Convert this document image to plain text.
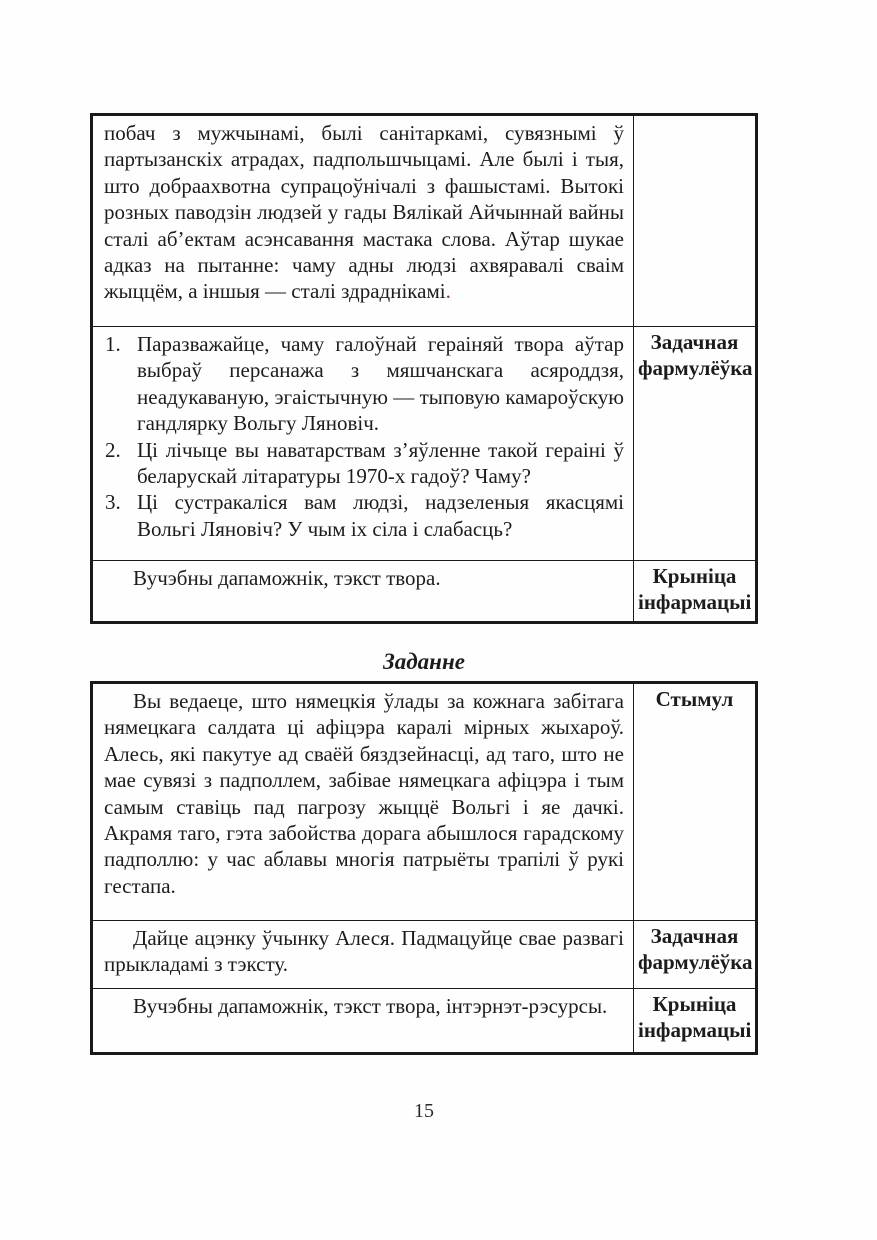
побач з мужчынамі, былі санітаркамі, сувязнымі ў партызанскіх атрадах, падпольшчыцамі. Але былі і тыя, што добраахвотна супрацоўнічалі з фашыстамі. Вытокі розных паводзін людзей у гады Вялікай Айчыннай вайны сталі аб’ектам асэнсавання мастака слова. Аўтар шукае адказ на пытанне: чаму адны людзі ахвяравалі сваім жыццём, а іншыя — сталі здраднікамі.	

Паразважайце, чаму галоўнай гераіняй твора аўтар выбраў персанажа з мяшчанскага асяроддзя, неадукаваную, эгаістычную — тыповую камароўскую гандлярку Вольгу Ляновіч.
Ці лічыце вы наватарствам з’яўленне такой гераіні ў беларускай літаратуры 1970-х гадоў? Чаму?
Ці сустракаліся вам людзі, надзеленыя якасцямі Вольгі Ляновіч? У чым іх сіла і слабасць?
	Задачная фармулёўка

Вучэбны дапаможнік, тэкст твора.	Крыніца інфармацыі
Заданне

Вы ведаеце, што нямецкія ўлады за кожнага забітага нямецкага салдата ці афіцэра каралі мірных жыхароў. Алесь, які пакутуе ад сваёй бяздзейнасці, ад таго, што не мае сувязі з падполлем, забівае нямецкага афіцэра і тым самым ставіць пад пагрозу жыццё Вольгі і яе дачкі. Акрамя таго, гэта забойства дорага абышлося гарадскому падполлю: у час аблавы многія патрыёты трапілі ў рукі гестапа.	Стымул

Дайце ацэнку ўчынку Алеся. Падмацуйце свае развагі прыкладамі з тэксту.	Задачная фармулёўка

Вучэбны дапаможнік, тэкст твора, інтэрнэт-рэсурсы.	Крыніца інфармацыі
15
